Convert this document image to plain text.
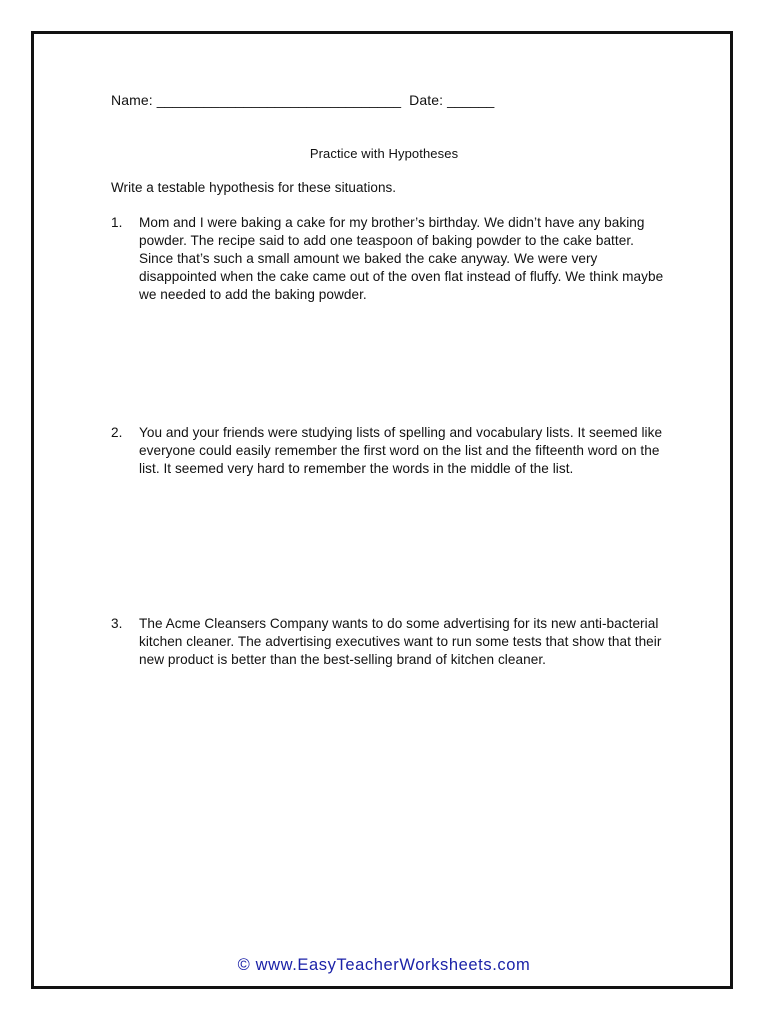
Name: _______________________________  Date: ______
Practice with Hypotheses
Write a testable hypothesis for these situations.
1. Mom and I were baking a cake for my brother’s birthday. We didn’t have any baking powder. The recipe said to add one teaspoon of baking powder to the cake batter. Since that’s such a small amount we baked the cake anyway. We were very disappointed when the cake came out of the oven flat instead of fluffy. We think maybe we needed to add the baking powder.
2. You and your friends were studying lists of spelling and vocabulary lists. It seemed like everyone could easily remember the first word on the list and the fifteenth word on the list. It seemed very hard to remember the words in the middle of the list.
3. The Acme Cleansers Company wants to do some advertising for its new anti-bacterial kitchen cleaner. The advertising executives want to run some tests that show that their new product is better than the best-selling brand of kitchen cleaner.
© www.EasyTeacherWorksheets.com
